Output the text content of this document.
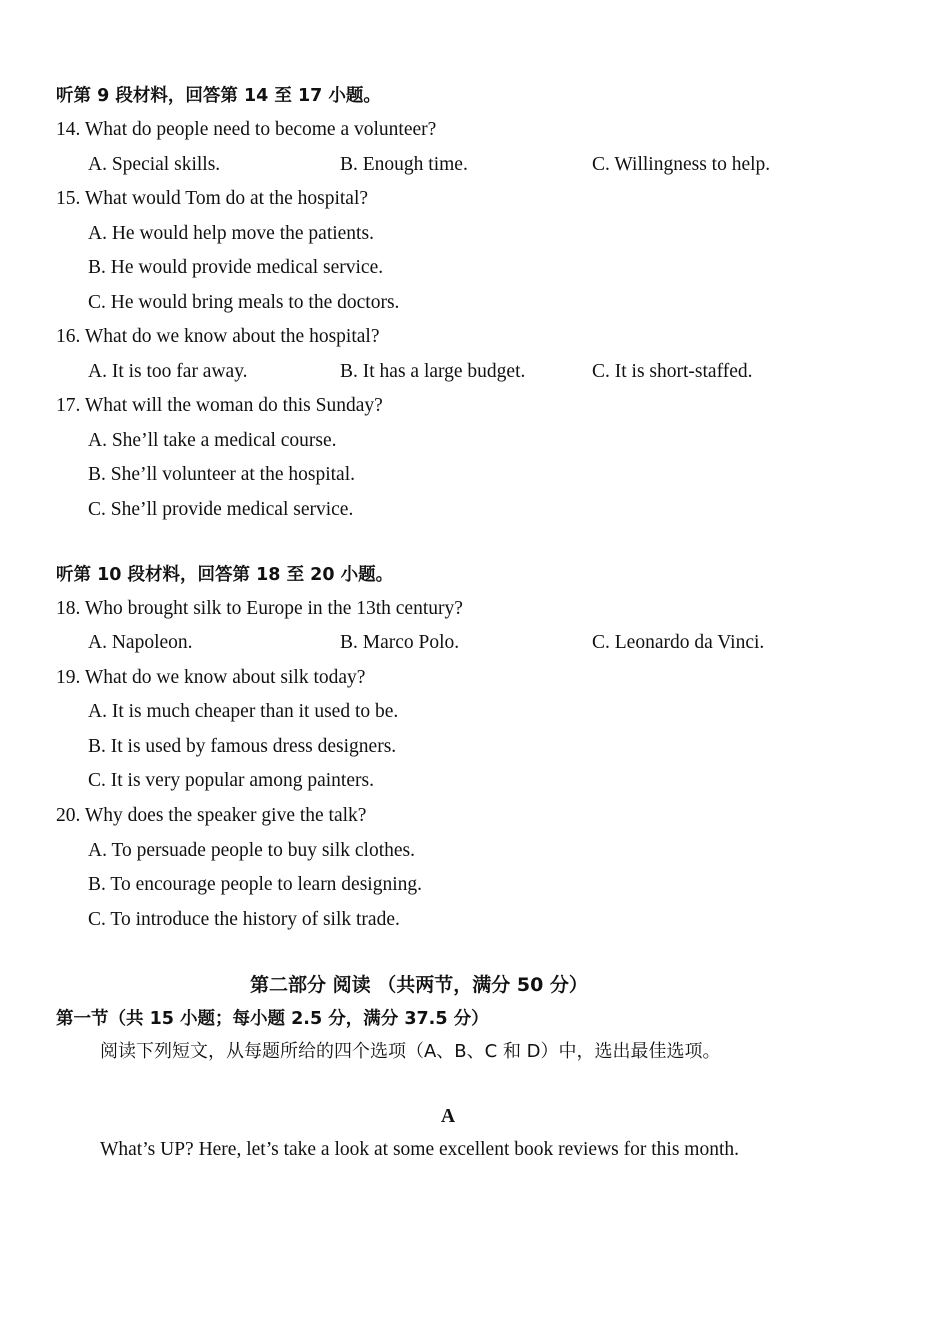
听第 9 段材料，回答第 14 至 17 小题。
14. What do people need to become a volunteer?
A. Special skills.	B. Enough time.	C. Willingness to help.
15. What would Tom do at the hospital?
A. He would help move the patients.
B. He would provide medical service.
C. He would bring meals to the doctors.
16. What do we know about the hospital?
A. It is too far away.	B. It has a large budget.	C. It is short-staffed.
17. What will the woman do this Sunday?
A. She’ll take a medical course.
B. She’ll volunteer at the hospital.
C. She’ll provide medical service.
听第 10 段材料，回答第 18 至 20 小题。
18. Who brought silk to Europe in the 13th century?
A. Napoleon.	B. Marco Polo.	C. Leonardo da Vinci.
19. What do we know about silk today?
A. It is much cheaper than it used to be.
B. It is used by famous dress designers.
C. It is very popular among painters.
20. Why does the speaker give the talk?
A. To persuade people to buy silk clothes.
B. To encourage people to learn designing.
C. To introduce the history of silk trade.
第二部分 阅读 （共两节，满分 50 分）
第一节（共 15 小题；每小题 2.5 分，满分 37.5 分）
阅读下列短文，从每题所给的四个选项（A、B、C 和 D）中，选出最佳选项。
A
What’s UP? Here, let’s take a look at some excellent book reviews for this month.
